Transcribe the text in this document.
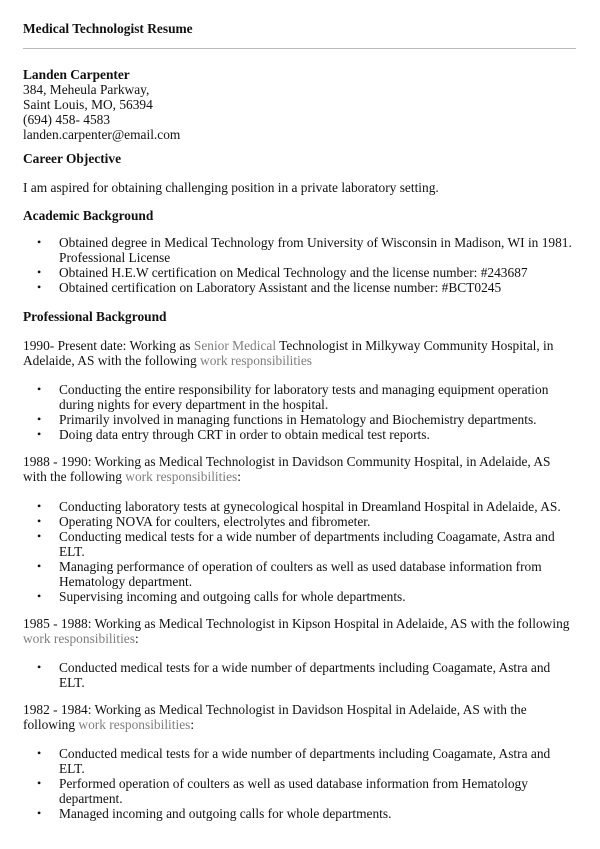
Medical Technologist Resume
Landen Carpenter
384, Meheula Parkway,
Saint Louis, MO, 56394
(694) 458- 4583
landen.carpenter@email.com
Career Objective
I am aspired for obtaining challenging position in a private laboratory setting.
Academic Background
• Obtained degree in Medical Technology from University of Wisconsin in Madison, WI in 1981. Professional License
• Obtained H.E.W certification on Medical Technology and the license number: #243687
• Obtained certification on Laboratory Assistant and the license number: #BCT0245
Professional Background
1990- Present date: Working as Senior Medical Technologist in Milkyway Community Hospital, in Adelaide, AS with the following work responsibilities
• Conducting the entire responsibility for laboratory tests and managing equipment operation during nights for every department in the hospital.
• Primarily involved in managing functions in Hematology and Biochemistry departments.
• Doing data entry through CRT in order to obtain medical test reports.
1988 - 1990: Working as Medical Technologist in Davidson Community Hospital, in Adelaide, AS with the following work responsibilities:
• Conducting laboratory tests at gynecological hospital in Dreamland Hospital in Adelaide, AS.
• Operating NOVA for coulters, electrolytes and fibrometer.
• Conducting medical tests for a wide number of departments including Coagamate, Astra and ELT.
• Managing performance of operation of coulters as well as used database information from Hematology department.
• Supervising incoming and outgoing calls for whole departments.
1985 - 1988: Working as Medical Technologist in Kipson Hospital in Adelaide, AS with the following work responsibilities:
• Conducted medical tests for a wide number of departments including Coagamate, Astra and ELT.
1982 - 1984: Working as Medical Technologist in Davidson Hospital in Adelaide, AS with the following work responsibilities:
• Conducted medical tests for a wide number of departments including Coagamate, Astra and ELT.
• Performed operation of coulters as well as used database information from Hematology department.
• Managed incoming and outgoing calls for whole departments.
